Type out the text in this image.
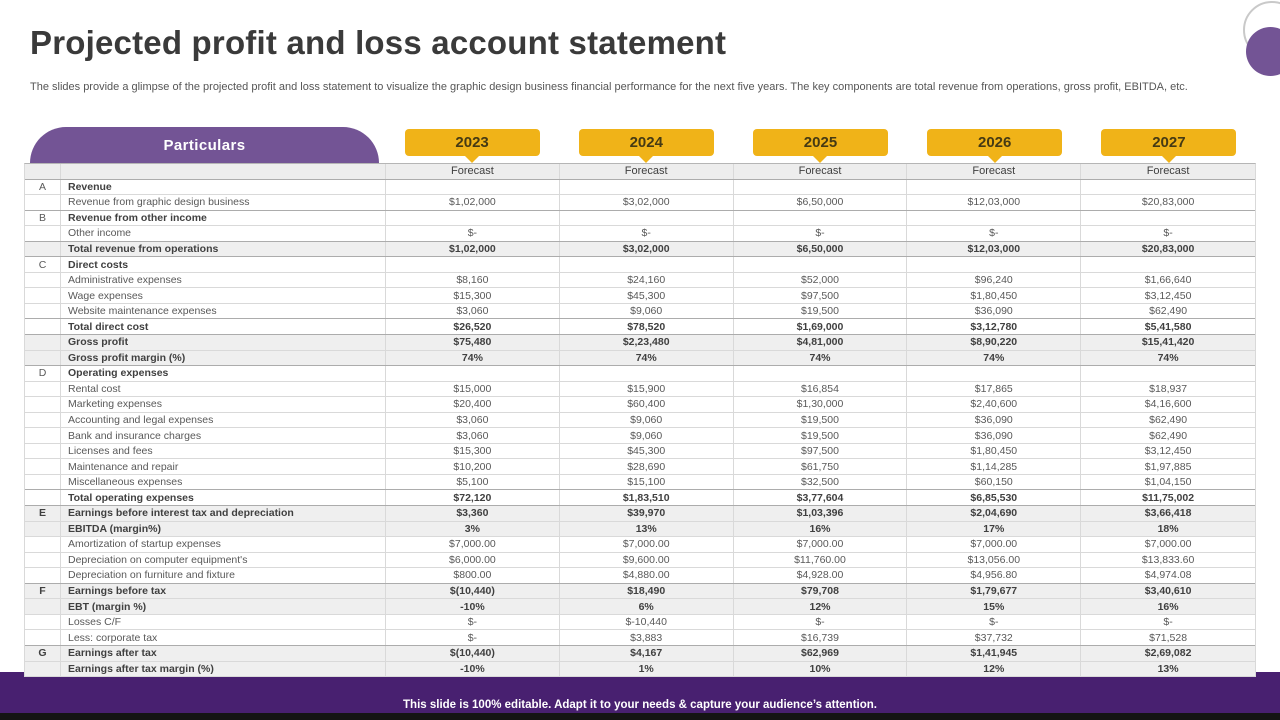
Projected profit and loss account statement
The slides provide a glimpse of the projected profit and loss statement to visualize the graphic design business financial performance for the next five years. The key components are total revenue from operations, gross profit, EBITDA, etc.
Particulars	2023	2024	2025	2026	2027
Forecast	Forecast	Forecast	Forecast	Forecast
A	Revenue
Revenue from graphic design business	$1,02,000	$3,02,000	$6,50,000	$12,03,000	$20,83,000
B	Revenue from other income
Other income	$-	$-	$-	$-	$-
Total revenue from operations	$1,02,000	$3,02,000	$6,50,000	$12,03,000	$20,83,000
C	Direct costs
Administrative expenses	$8,160	$24,160	$52,000	$96,240	$1,66,640
Wage expenses	$15,300	$45,300	$97,500	$1,80,450	$3,12,450
Website maintenance expenses	$3,060	$9,060	$19,500	$36,090	$62,490
Total direct cost	$26,520	$78,520	$1,69,000	$3,12,780	$5,41,580
Gross profit	$75,480	$2,23,480	$4,81,000	$8,90,220	$15,41,420
Gross profit margin (%)	74%	74%	74%	74%	74%
D	Operating expenses
Rental cost	$15,000	$15,900	$16,854	$17,865	$18,937
Marketing expenses	$20,400	$60,400	$1,30,000	$2,40,600	$4,16,600
Accounting and legal expenses	$3,060	$9,060	$19,500	$36,090	$62,490
Bank and insurance charges	$3,060	$9,060	$19,500	$36,090	$62,490
Licenses and fees	$15,300	$45,300	$97,500	$1,80,450	$3,12,450
Maintenance and repair	$10,200	$28,690	$61,750	$1,14,285	$1,97,885
Miscellaneous expenses	$5,100	$15,100	$32,500	$60,150	$1,04,150
Total operating expenses	$72,120	$1,83,510	$3,77,604	$6,85,530	$11,75,002
E	Earnings before interest tax and depreciation	$3,360	$39,970	$1,03,396	$2,04,690	$3,66,418
EBITDA (margin%)	3%	13%	16%	17%	18%
Amortization of startup expenses	$7,000.00	$7,000.00	$7,000.00	$7,000.00	$7,000.00
Depreciation on computer equipment's	$6,000.00	$9,600.00	$11,760.00	$13,056.00	$13,833.60
Depreciation on furniture and fixture	$800.00	$4,880.00	$4,928.00	$4,956.80	$4,974.08
F	Earnings before tax	$(10,440)	$18,490	$79,708	$1,79,677	$3,40,610
EBT (margin %)	-10%	6%	12%	15%	16%
Losses C/F	$-	$-10,440	$-	$-	$-
Less: corporate tax	$-	$3,883	$16,739	$37,732	$71,528
G	Earnings after tax	$(10,440)	$4,167	$62,969	$1,41,945	$2,69,082
Earnings after tax margin (%)	-10%	1%	10%	12%	13%
This slide is 100% editable. Adapt it to your needs & capture your audience’s attention.
